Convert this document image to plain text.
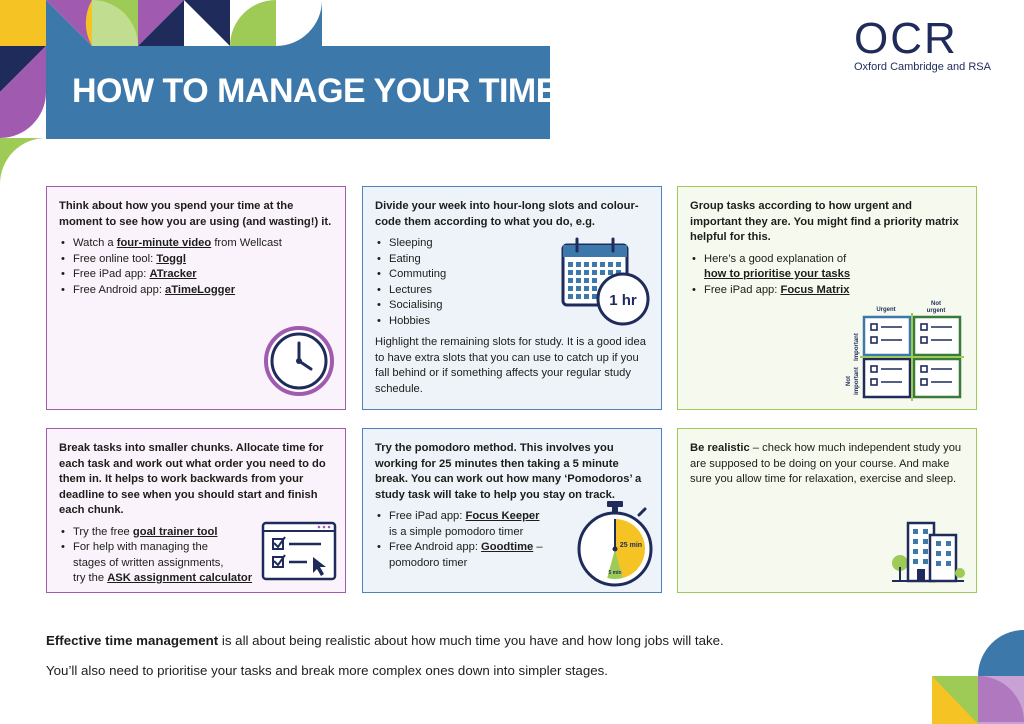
HOW TO MANAGE YOUR TIME
OCR
Oxford Cambridge and RSA

Think about how you spend your time at the moment to see how you are using (and wasting!) it.

• Watch a four-minute video from Wellcast
• Free online tool: Toggl
• Free iPad app: ATracker
• Free Android app: aTimeLogger

Divide your week into hour-long slots and colour-code them according to what you do, e.g.

• Sleeping
• Eating
• Commuting
• Lectures
• Socialising
• Hobbies

Highlight the remaining slots for study. It is a good idea to have extra slots that you can use to catch up if you fall behind or if something affects your regular study schedule.

1 hr

Group tasks according to how urgent and important they are. You might find a priority matrix helpful for this.

• Here’s a good explanation of
how to prioritise your tasks
• Free iPad app: Focus Matrix
Urgent
Not
urgent
Important
Not important

Break tasks into smaller chunks. Allocate time for each task and work out what order you need to do them in. It helps to work backwards from your deadline to see when you should start and finish each chunk.

• Try the free goal trainer tool
• For help with managing the
stages of written assignments,
try the ASK assignment calculator

Try the pomodoro method. This involves you working for 25 minutes then taking a 5 minute break. You can work out how many ‘Pomodoros’ a study task will take to help you stay on track.

• Free iPad app: Focus Keeper
is a simple pomodoro timer
• Free Android app: Goodtime –
pomodoro timer
25 min
5 min

Be realistic – check how much independent study you are supposed to be doing on your course. And make sure you allow time for relaxation, exercise and sleep.

Effective time management is all about being realistic about how much time you have and how long jobs will take.

You’ll also need to prioritise your tasks and break more complex ones down into simpler stages.
